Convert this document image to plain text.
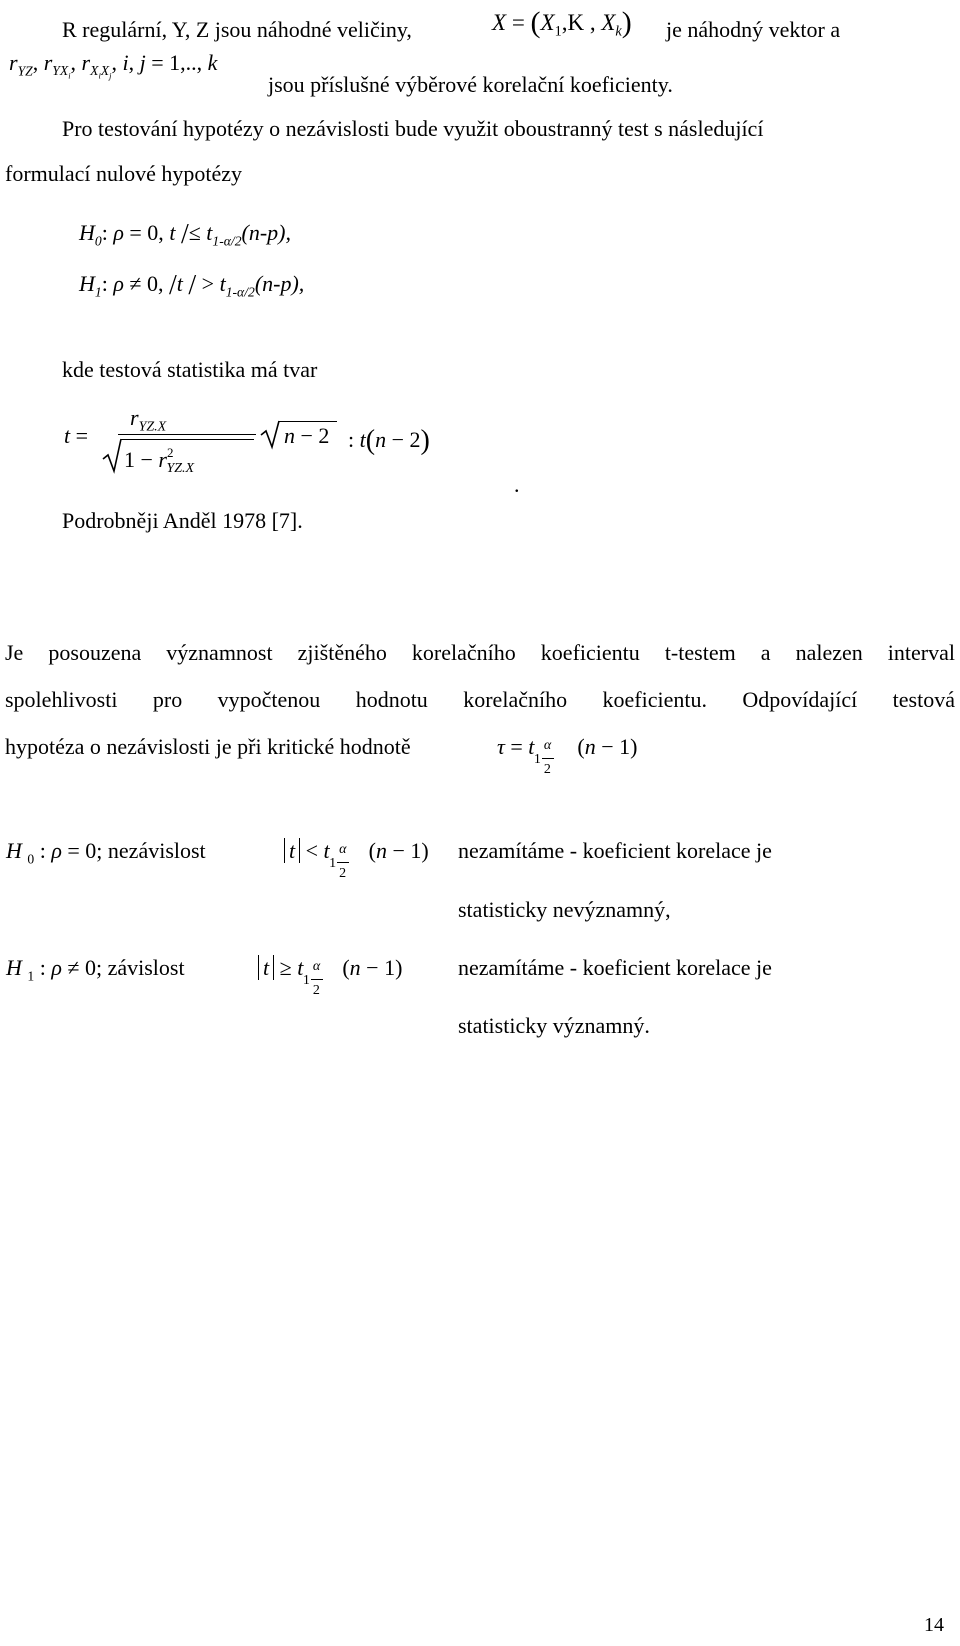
R regulární, Y, Z jsou náhodné veličiny,	$X = (X_1,K$ , $X_k$) je náhodný vektor a
$r_{YZ}$, $r_{YX_i}$, $r_{X_iX_j}$, i, j = 1,.., k
jsou příslušné výběrové korelační koeficienty.
Pro testování hypotézy o nezávislosti bude využit oboustranný test s následující
formulací nulové hypotézy
$H_0$: ρ = 0, $t /\le t_{1-\alpha/2}(n-p)$,
$H_1$: ρ ≠ 0, /t / > $t_{1-\alpha/2}(n-p)$,
kde testová statistika má tvar
t =
$r_{YZ.X}$
$1 - r^2_{YZ.X}$
n − 2 : t(n − 2)
.
Podrobněji Anděl 1978 [7].
Je posouzena významnost zjištěného korelačního koeficientu t-testem a nalezen interval
spolehlivosti pro vypočtenou hodnotu korelačního koeficientu. Odpovídající testová
hypotéza o nezávislosti je při kritické hodnotě	τ = t
1
α
2
(n − 1)
H $_0$ : ρ = 0; nezávislost	t < t
1
α
2
(n − 1) nezamítáme - koeficient korelace je
statisticky nevýznamný,
H $_1$ : ρ ≠ 0; závislost	t ≥ t
1
α
2
(n − 1)	nezamítáme - koeficient korelace je
statisticky významný.
14
